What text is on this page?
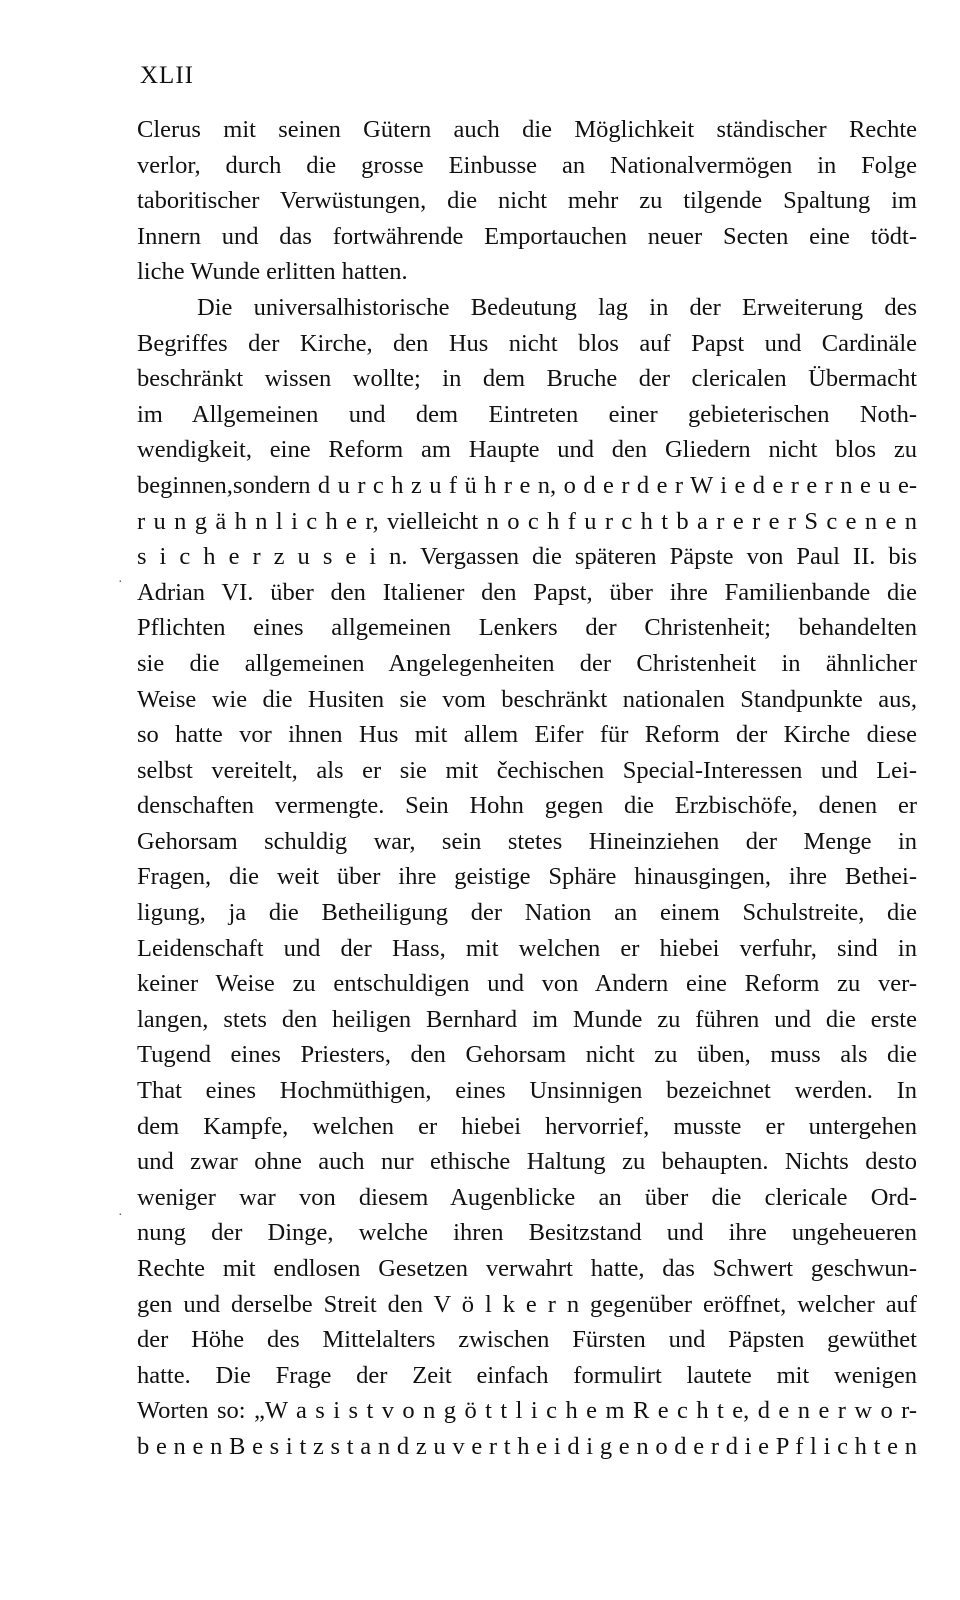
XLII
Clerus mit seinen Gütern auch die Möglichkeit ständischer Rechte
verlor, durch die grosse Einbusse an Nationalvermögen in Folge
taboritischer Verwüstungen, die nicht mehr zu tilgende Spaltung im
Innern und das fortwährende Emportauchen neuer Secten eine tödt-
liche Wunde erlitten hatten.
Die universalhistorische Bedeutung lag in der Erweiterung des
Begriffes der Kirche, den Hus nicht blos auf Papst und Cardinäle
beschränkt wissen wollte; in dem Bruche der clericalen Übermacht
im Allgemeinen und dem Eintreten einer gebieterischen Noth-
wendigkeit, eine Reform am Haupte und den Gliedern nicht blos zu
beginnen,sondern d u r c h z u f ü h r e n, o d e r d e r W i e d e r e r n e u e-
r u n g ä h n l i c h e r, vielleicht n o c h f u r c h t b a r e r e r S c e n e n
s i c h e r z u s e i n. Vergassen die späteren Päpste von Paul II. bis
Adrian VI. über den Italiener den Papst, über ihre Familienbande die
Pflichten eines allgemeinen Lenkers der Christenheit; behandelten
sie die allgemeinen Angelegenheiten der Christenheit in ähnlicher
Weise wie die Husiten sie vom beschränkt nationalen Standpunkte aus,
so hatte vor ihnen Hus mit allem Eifer für Reform der Kirche diese
selbst vereitelt, als er sie mit čechischen Special-Interessen und Lei-
denschaften vermengte. Sein Hohn gegen die Erzbischöfe, denen er
Gehorsam schuldig war, sein stetes Hineinziehen der Menge in
Fragen, die weit über ihre geistige Sphäre hinausgingen, ihre Bethei-
ligung, ja die Betheiligung der Nation an einem Schulstreite, die
Leidenschaft und der Hass, mit welchen er hiebei verfuhr, sind in
keiner Weise zu entschuldigen und von Andern eine Reform zu ver-
langen, stets den heiligen Bernhard im Munde zu führen und die erste
Tugend eines Priesters, den Gehorsam nicht zu üben, muss als die
That eines Hochmüthigen, eines Unsinnigen bezeichnet werden. In
dem Kampfe, welchen er hiebei hervorrief, musste er untergehen
und zwar ohne auch nur ethische Haltung zu behaupten. Nichts desto
weniger war von diesem Augenblicke an über die clericale Ord-
nung der Dinge, welche ihren Besitzstand und ihre ungeheueren
Rechte mit endlosen Gesetzen verwahrt hatte, das Schwert geschwun-
gen und derselbe Streit den V ö l k e r n gegenüber eröffnet, welcher auf
der Höhe des Mittelalters zwischen Fürsten und Päpsten gewüthet
hatte. Die Frage der Zeit einfach formulirt lautete mit wenigen
Worten so: „W a s i s t v o n g ö t t l i c h e m R e c h t e, d e n e r w o r-
b e n e n B e s i t z s t a n d z u v e r t h e i d i g e n o d e r d i e P f l i c h t e n
·
·
